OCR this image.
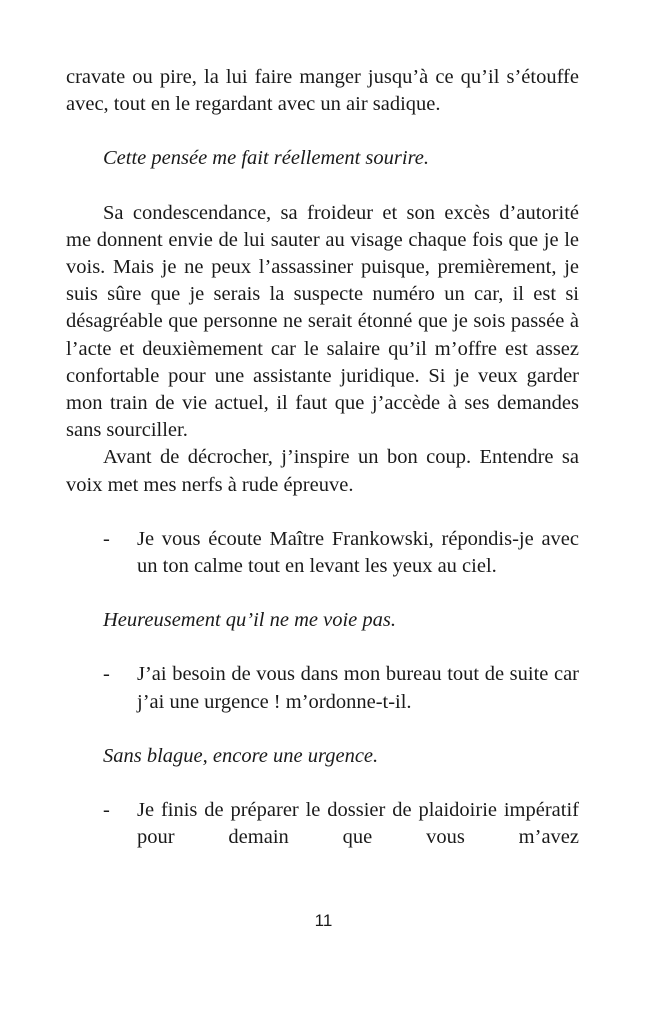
cravate ou pire, la lui faire manger jusqu’à ce qu’il s’étouffe avec, tout en le regardant avec un air sadique.

Cette pensée me fait réellement sourire.

Sa condescendance, sa froideur et son excès d’autorité me donnent envie de lui sauter au visage chaque fois que je le vois. Mais je ne peux l’assassiner puisque, premièrement, je suis sûre que je serais la suspecte numéro un car, il est si désagréable que personne ne serait étonné que je sois passée à l’acte et deuxièmement car le salaire qu’il m’offre est assez confortable pour une assistante juridique. Si je veux garder mon train de vie actuel, il faut que j’accède à ses demandes sans sourciller.

Avant de décrocher, j’inspire un bon coup. Entendre sa voix met mes nerfs à rude épreuve.

- Je vous écoute Maître Frankowski, répondis-je avec un ton calme tout en levant les yeux au ciel.

Heureusement qu’il ne me voie pas.

- J’ai besoin de vous dans mon bureau tout de suite car j’ai une urgence ! m’ordonne-t-il.

Sans blague, encore une urgence.

- Je finis de préparer le dossier de plaidoirie impératif pour demain que vous m’avez
11
